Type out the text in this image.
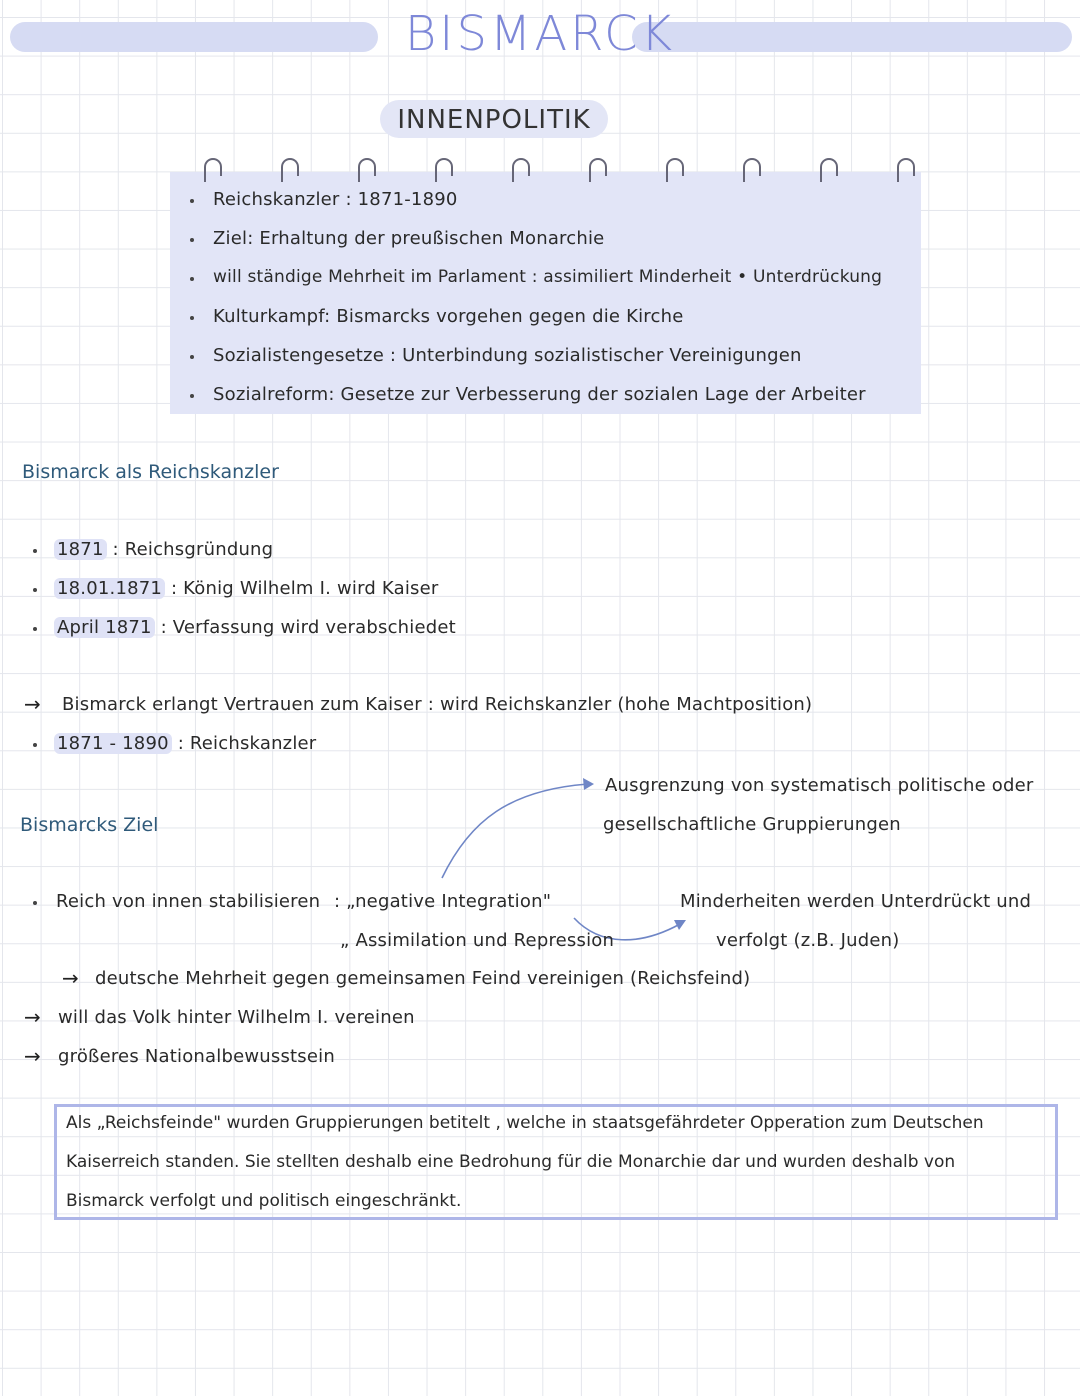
BISMARCK
INNENPOLITIK
Reichskanzler : 1871-1890
Ziel: Erhaltung der preußischen Monarchie
will ständige Mehrheit im Parlament : assimiliert Minderheit • Unterdrückung
Kulturkampf: Bismarcks vorgehen gegen die Kirche
Sozialistengesetze : Unterbindung sozialistischer Vereinigungen
Sozialreform: Gesetze zur Verbesserung der sozialen Lage der Arbeiter
Bismarck als Reichskanzler
1871 : Reichsgründung
18.01.1871 : König Wilhelm I. wird Kaiser
April 1871 : Verfassung wird verabschiedet
→ Bismarck erlangt Vertrauen zum Kaiser : wird Reichskanzler (hohe Machtposition)
1871 - 1890 : Reichskanzler
Bismarcks Ziel
Ausgrenzung von systematisch politische oder
gesellschaftliche Gruppierungen
Reich von innen stabilisieren : „negative Integration"
„ Assimilation und Repression
Minderheiten werden Unterdrückt und
verfolgt (z.B. Juden)
→ deutsche Mehrheit gegen gemeinsamen Feind vereinigen (Reichsfeind)
→ will das Volk hinter Wilhelm I. vereinen
→ größeres Nationalbewusstsein
Als „Reichsfeinde" wurden Gruppierungen betitelt , welche in staatsgefährdeter Opperation zum Deutschen
Kaiserreich standen. Sie stellten deshalb eine Bedrohung für die Monarchie dar und wurden deshalb von
Bismarck verfolgt und politisch eingeschränkt.
